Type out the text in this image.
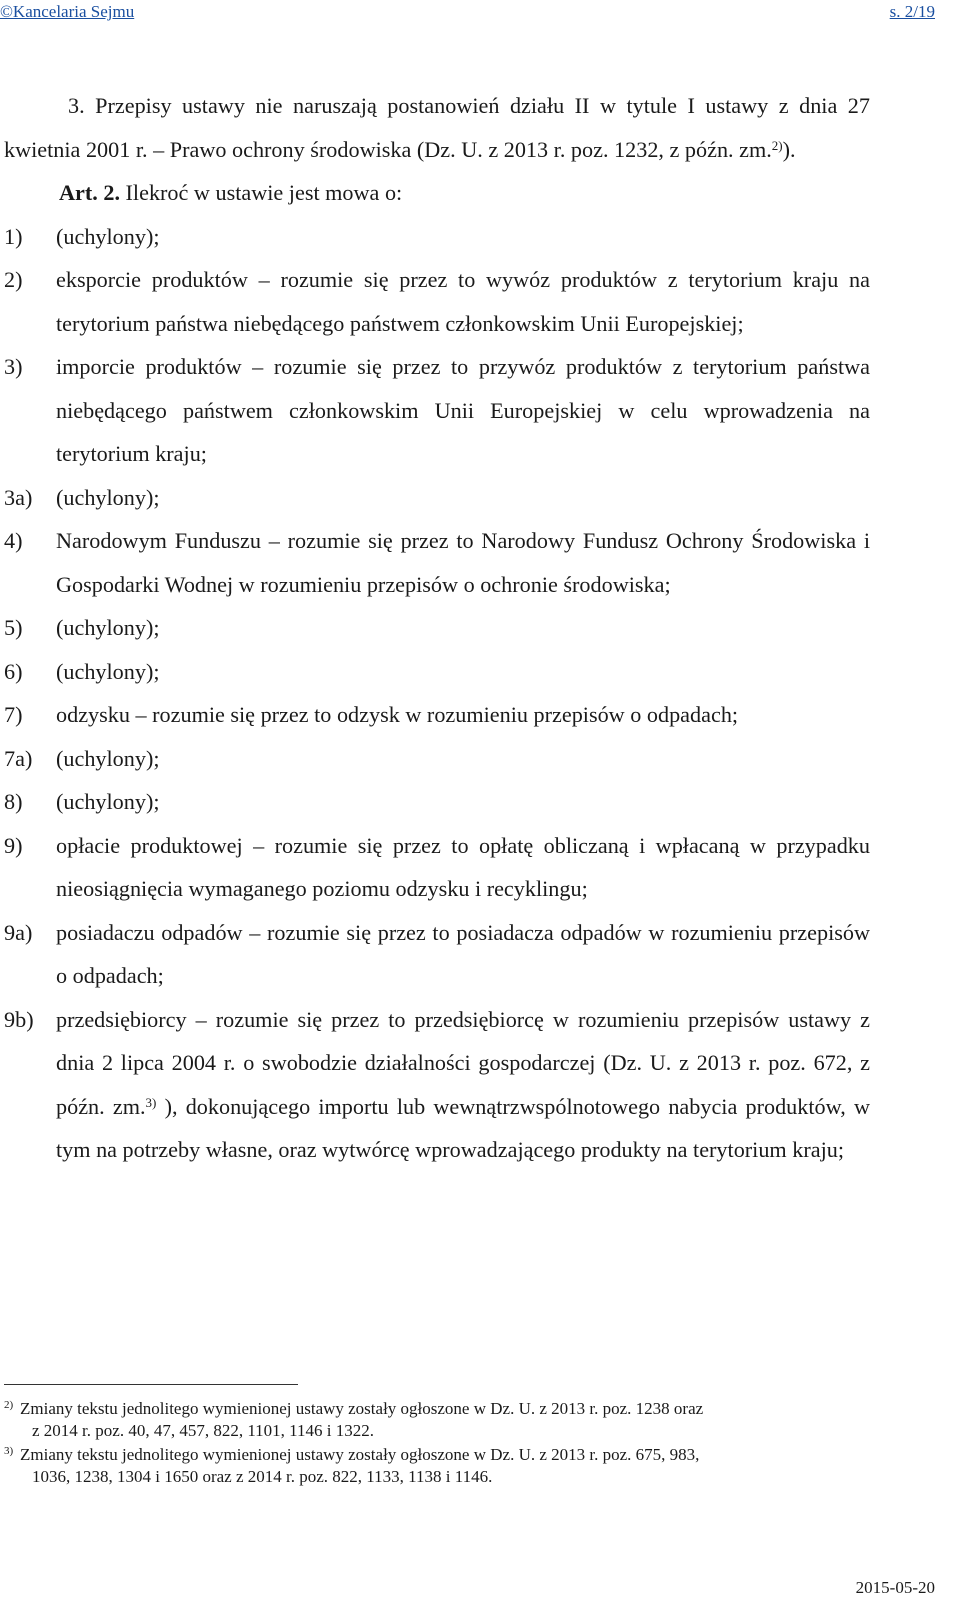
©Kancelaria Sejmu	s. 2/19

3. Przepisy ustawy nie naruszają postanowień działu II w tytule I ustawy z dnia 27 kwietnia 2001 r. – Prawo ochrony środowiska (Dz. U. z 2013 r. poz. 1232, z późn. zm.$^{2)}$).

Art. 2. Ilekroć w ustawie jest mowa o:

1)	(uchylony);
2)	eksporcie produktów – rozumie się przez to wywóz produktów z terytorium kraju na terytorium państwa niebędącego państwem członkowskim Unii Europejskiej;
3)	imporcie produktów – rozumie się przez to przywóz produktów z terytorium państwa niebędącego państwem członkowskim Unii Europejskiej w celu wprowadzenia na terytorium kraju;
3a)	(uchylony);
4)	Narodowym Funduszu – rozumie się przez to Narodowy Fundusz Ochrony Środowiska i Gospodarki Wodnej w rozumieniu przepisów o ochronie środowiska;
5)	(uchylony);
6)	(uchylony);
7)	odzysku – rozumie się przez to odzysk w rozumieniu przepisów o odpadach;
7a)	(uchylony);
8)	(uchylony);
9)	opłacie produktowej – rozumie się przez to opłatę obliczaną i wpłacaną w przypadku nieosiągnięcia wymaganego poziomu odzysku i recyklingu;
9a)	posiadaczu odpadów – rozumie się przez to posiadacza odpadów w rozumieniu przepisów o odpadach;
9b)	przedsiębiorcy – rozumie się przez to przedsiębiorcę w rozumieniu przepisów ustawy z dnia 2 lipca 2004 r. o swobodzie działalności gospodarczej (Dz. U. z 2013 r. poz. 672, z późn. zm.$^{3)}$ ), dokonującego importu lub wewnątrzwspólnotowego nabycia produktów, w tym na potrzeby własne, oraz wytwórcę wprowadzającego produkty na terytorium kraju;
2) Zmiany tekstu jednolitego wymienionej ustawy zostały ogłoszone w Dz. U. z 2013 r. poz. 1238 oraz
z 2014 r. poz. 40, 47, 457, 822, 1101, 1146 i 1322.
3) Zmiany tekstu jednolitego wymienionej ustawy zostały ogłoszone w Dz. U. z 2013 r. poz. 675, 983,
1036, 1238, 1304 i 1650 oraz z 2014 r. poz. 822, 1133, 1138 i 1146.
2015-05-20
